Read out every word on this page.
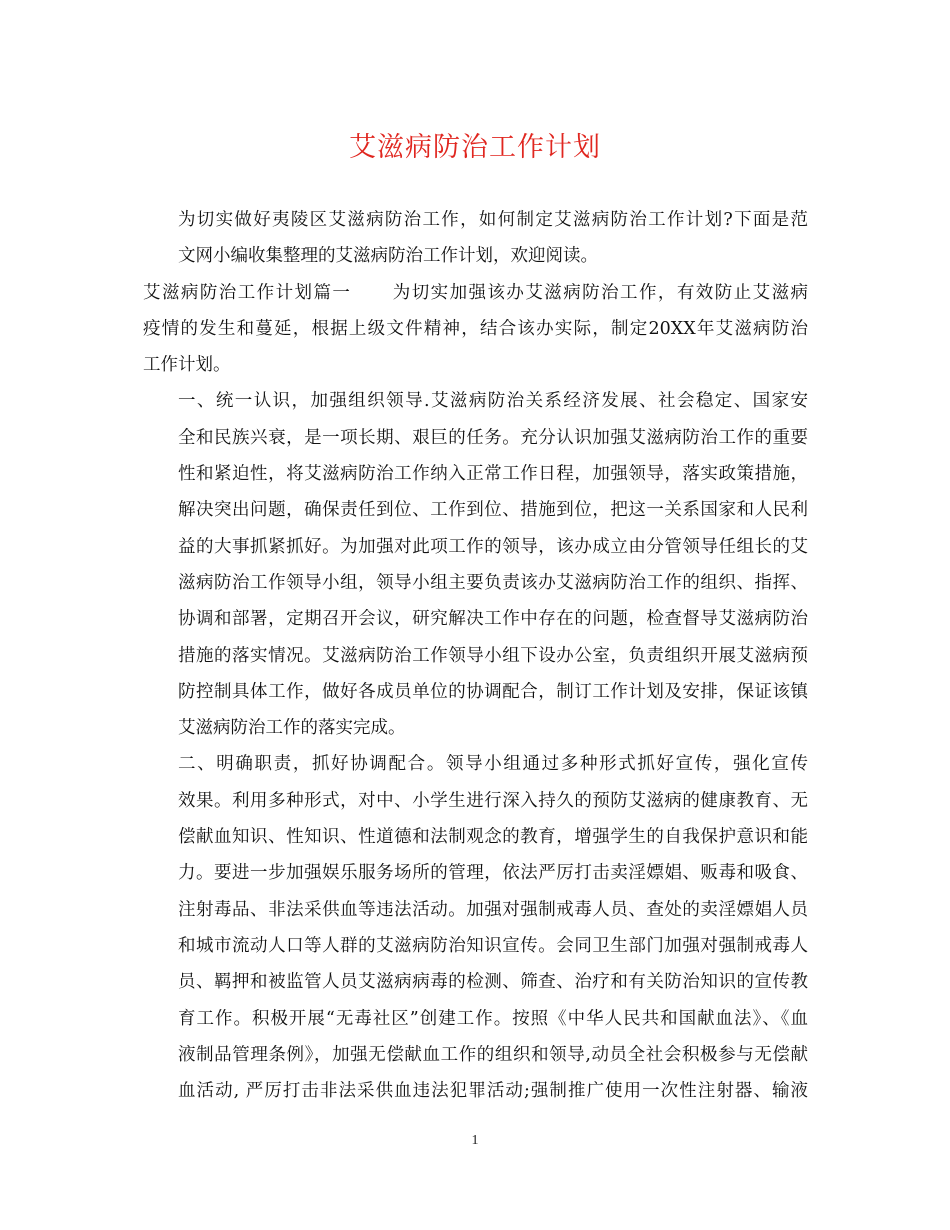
艾滋病防治工作计划

为切实做好夷陵区艾滋病防治工作，如何制定艾滋病防治工作计划?下面是范
文网小编收集整理的艾滋病防治工作计划，欢迎阅读。

艾滋病防治工作计划篇一 为切实加强该办艾滋病防治工作，有效防止艾滋病
疫情的发生和蔓延，根据上级文件精神，结合该办实际，制定20XX年艾滋病防治
工作计划。

一、统一认识，加强组织领导.艾滋病防治关系经济发展、社会稳定、国家安
全和民族兴衰，是一项长期、艰巨的任务。充分认识加强艾滋病防治工作的重要
性和紧迫性，将艾滋病防治工作纳入正常工作日程，加强领导，落实政策措施，
解决突出问题，确保责任到位、工作到位、措施到位，把这一关系国家和人民利
益的大事抓紧抓好。为加强对此项工作的领导，该办成立由分管领导任组长的艾
滋病防治工作领导小组，领导小组主要负责该办艾滋病防治工作的组织、指挥、
协调和部署，定期召开会议，研究解决工作中存在的问题，检查督导艾滋病防治
措施的落实情况。艾滋病防治工作领导小组下设办公室，负责组织开展艾滋病预
防控制具体工作，做好各成员单位的协调配合，制订工作计划及安排，保证该镇
艾滋病防治工作的落实完成。

二、明确职责，抓好协调配合。领导小组通过多种形式抓好宣传，强化宣传
效果。利用多种形式，对中、小学生进行深入持久的预防艾滋病的健康教育、无
偿献血知识、性知识、性道德和法制观念的教育，增强学生的自我保护意识和能
力。要进一步加强娱乐服务场所的管理，依法严厉打击卖淫嫖娼、贩毒和吸食、
注射毒品、非法采供血等违法活动。加强对强制戒毒人员、查处的卖淫嫖娼人员
和城市流动人口等人群的艾滋病防治知识宣传。会同卫生部门加强对强制戒毒人
员、羁押和被监管人员艾滋病病毒的检测、筛查、治疗和有关防治知识的宣传教
育工作。积极开展“无毒社区”创建工作。按照《中华人民共和国献血法》、《血
液制品管理条例》，加强无偿献血工作的组织和领导,动员全社会积极参与无偿献
血活动, 严厉打击非法采供血违法犯罪活动;强制推广使用一次性注射器、输液

1
